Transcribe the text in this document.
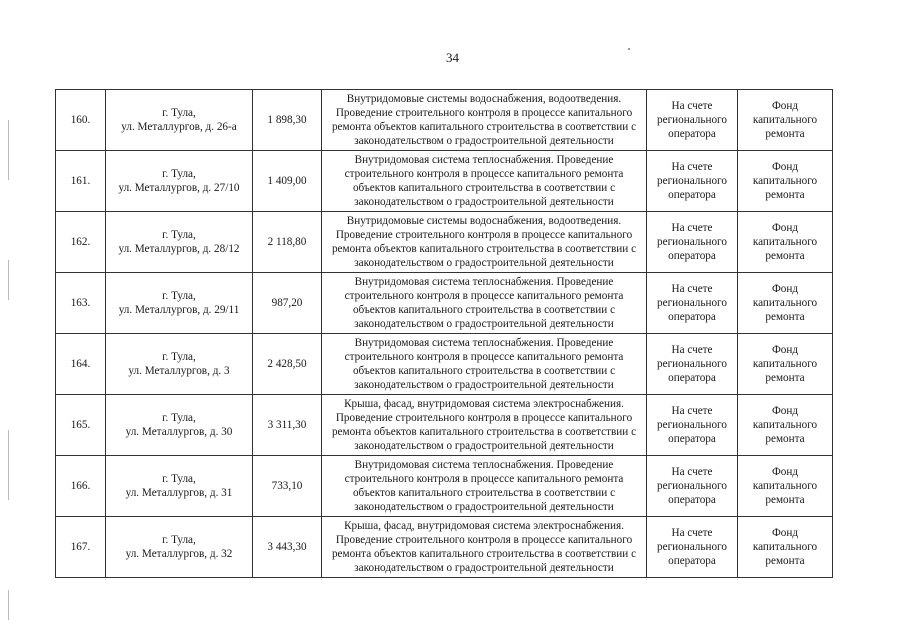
34
160.	г. Тула,
ул. Металлургов, д. 26-а	1 898,30	Внутридомовые системы водоснабжения, водоотведения. Проведение строительного контроля в процессе капитального ремонта объектов капитального строительства в соответствии с законодательством о градостроительной деятельности	На счете регионального оператора	Фонд капитального ремонта
161.	г. Тула,
ул. Металлургов, д. 27/10	1 409,00	Внутридомовая система теплоснабжения. Проведение строительного контроля в процессе капитального ремонта объектов капитального строительства в соответствии с законодательством о градостроительной деятельности	На счете регионального оператора	Фонд капитального ремонта
162.	г. Тула,
ул. Металлургов, д. 28/12	2 118,80	Внутридомовые системы водоснабжения, водоотведения. Проведение строительного контроля в процессе капитального ремонта объектов капитального строительства в соответствии с законодательством о градостроительной деятельности	На счете регионального оператора	Фонд капитального ремонта
163.	г. Тула,
ул. Металлургов, д. 29/11	987,20	Внутридомовая система теплоснабжения. Проведение строительного контроля в процессе капитального ремонта объектов капитального строительства в соответствии с законодательством о градостроительной деятельности	На счете регионального оператора	Фонд капитального ремонта
164.	г. Тула,
ул. Металлургов, д. 3	2 428,50	Внутридомовая система теплоснабжения. Проведение строительного контроля в процессе капитального ремонта объектов капитального строительства в соответствии с законодательством о градостроительной деятельности	На счете регионального оператора	Фонд капитального ремонта
165.	г. Тула,
ул. Металлургов, д. 30	3 311,30	Крыша, фасад, внутридомовая система электроснабжения. Проведение строительного контроля в процессе капитального ремонта объектов капитального строительства в соответствии с законодательством о градостроительной деятельности	На счете регионального оператора	Фонд капитального ремонта
166.	г. Тула,
ул. Металлургов, д. 31	733,10	Внутридомовая система теплоснабжения. Проведение строительного контроля в процессе капитального ремонта объектов капитального строительства в соответствии с законодательством о градостроительной деятельности	На счете регионального оператора	Фонд капитального ремонта
167.	г. Тула,
ул. Металлургов, д. 32	3 443,30	Крыша, фасад, внутридомовая система электроснабжения. Проведение строительного контроля в процессе капитального ремонта объектов капитального строительства в соответствии с законодательством о градостроительной деятельности	На счете регионального оператора	Фонд капитального ремонта
